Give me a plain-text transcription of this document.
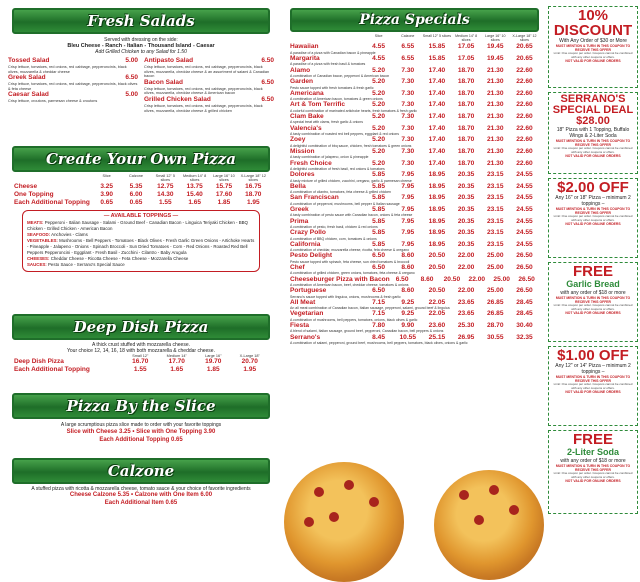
Fresh Salads
Served with dressing on the side:
Bleu Cheese - Ranch - Italian - Thousand Island - Caesar
Add Grilled Chicken to any Salad for 1.50
Tossed Salad	5.00
Crisp lettuce, tomatoes, red onions, red cabbage, pepperoncinis, black olives, mozzarella & cheddar cheese
Greek Salad	6.50
Crisp lettuce, tomatoes, red onions, red cabbage, pepperoncinis, black olives & feta cheese
Caesar Salad	5.00
Crisp lettuce, croutons, parmesan cheese & croutons
Antipasto Salad	6.50
Crisp lettuce, tomatoes, red onions, red cabbage, pepperoncinis, black olives, mozzarella, cheddar cheese & an assortment of salami & Canadian bacon
Bacon Salad	6.50
Crisp lettuce, tomatoes, red onions, red cabbage, pepperoncinis, black olives, mozzarella, cheddar cheese & American bacon
Grilled Chicken Salad	6.50
Crisp lettuce, tomatoes, red onions, red cabbage, pepperoncinis, black olives, mozzarella, cheddar cheese & grilled chicken
Create Your Own Pizza
Slice	Calzone	Small 12" 5 slices
Medium 14" 8 slices
Large 16" 10 slices
X-Large 18" 12 slices
Cheese	3.25	5.35	12.75	13.75	15.75	16.75
One Topping	3.90	6.00	14.30	15.40	17.60	18.70
Each Additional Topping	0.65	0.65	1.55	1.65	1.85	1.95
— AVAILABLE TOPPINGS —
MEATS: Pepperoni - Italian Sausage - Salami - Ground Beef - Canadian Bacon - Linguica Teriyaki Chicken - BBQ Chicken - Grilled Chicken - American Bacon
SEAFOOD: Anchovies - Clams
VEGETABLES: Mushrooms - Bell Peppers - Tomatoes - Black Olives - Fresh Garlic Green Onions - Artichoke Hearts - Pineapple - Jalapeno - Onions - Spinach Broccoli - Sun Dried Tomatoes - Corn - Red Onions - Roasted Red Bell Peppers Pepperoncini - Eggplant - Fresh Basil - Zucchini - Cilantro - Baby Arugula
CHEESES: Cheddar Cheese - Ricotta Cheese - Feta Cheese - Mozzarella Cheese
SAUCES: Pesto Sauce - Serrano's Special Sauce
Deep Dish Pizza
A thick crust stuffed with mozzarella cheese.
Your choice 12, 14, 16, 18 with both mozzarella & cheddar cheese.
Small 12"	Medium 14"	Large 16"	X-Large 18"
Deep Dish Pizza	16.70	17.70	19.70	20.70
Each Additional Topping	1.55	1.65	1.85	1.95
Pizza By the Slice
A large scrumptious pizza slice made to order with your favorite toppings
Slice with Cheese 3.25 • Slice with One Topping 3.90
Each Additional Topping 0.65
Calzone
A stuffed pizza with ricotta & mozzarella cheese, tomato sauce & your choice of favorite ingredients
Cheese Calzone 5.35 • Calzone with One Item 6.00
Each Additional Item 0.65
Pizza Specials
Slice	Calzone	Small 12" 5 slices	Medium 14" 8 slices
Large 16" 10 slices
X-Large 18" 12 slices
Hawaiian	4.55	6.55	15.85	17.05	19.45	20.65
A paradise of a pizza with Canadian bacon & pineapple
Margarita	4.55	6.55	15.85	17.05	19.45	20.65
A paradise of a pizza with fresh basil & tomatoes
Alamo	5.20	7.30	17.40	18.70	21.30	22.60
A combination of Canadian bacon, pepperoni & American bacon
Garden	5.20	7.30	17.40	18.70	21.30	22.60
Pesto sauce topped with fresh tomatoes & fresh garlic
Americana	5.20	7.30	17.40	18.70	21.30	22.60
A combination of American bacon, tomatoes & green onions
Art & Tom Terrific	5.20	7.30	17.40	18.70	21.30	22.60
A colorful combination of marinated artichoke hearts, fresh tomatoes & fresh garlic
Clam Bake	5.20	7.30	17.40	18.70	21.30	22.60
A special treat with clams, fresh garlic & onions
Valencia's	5.20	7.30	17.40	18.70	21.30	22.60
A tasty combination of roasted red bell peppers, eggplant & red onions
Zoey	5.20	7.30	17.40	18.70	21.30	22.60
A delightful combination of bbq sauce, chicken, fresh tomatoes & green onions
Mission	5.20	7.30	17.40	18.70	21.30	22.60
A tasty combination of jalapeno, onion & pineapple
Fresh Choice	5.20	7.30	17.40	18.70	21.30	22.60
A delightful combination of fresh basil, red onions & tomatoes
Dolores	5.85	7.95	18.95	20.35	23.15	24.55
A tasty mixture of grilled chicken, zucchini, oregano, garlic & parmesan cheese
Bella	5.85	7.95	18.95	20.35	23.15	24.55
A combination of cilantro, tomatoes, feta cheese & grilled chicken
San Franciscan	5.85	7.95	18.95	20.35	23.15	24.55
A combination of pepperoni, mushrooms, bell pepper & Italian sausage
Greek	5.85	7.95	18.95	20.35	23.15	24.55
A tasty combination of pesto sauce with Canadian bacon, onions & feta cheese
Prima	5.85	7.95	18.95	20.35	23.15	24.55
A combination of pesto, fresh basil, chicken & red onions
Crazy Pollo	5.85	7.95	18.95	20.35	23.15	24.55
A combination of BBQ chicken, corn, tomatoes & onions
California	5.85	7.95	18.95	20.35	23.15	24.55
A combination of cheddar, mozzarella cheese, ricotta, feta cheese & oregano
Pesto Delight	6.50	8.60	20.50	22.00	25.00	26.50
Pesto sauce topped with spinach, feta cheese, sun dried tomatoes & broccoli
Chef	6.50	8.60	20.50	22.00	25.00	26.50
A combination of grilled chicken, green onions, tomatoes, feta cheese & oregano
Cheeseburger Pizza with Bacon 6.50	8.60	20.50	22.00	25.00	26.50
A combination of American bacon, beef, cheddar cheese, tomatoes & onions
Portuguese	6.50	8.60	20.50	22.00	25.00	26.50
Serrano's sauce topped with linguica, onions, mushrooms & fresh garlic
All Meat	7.15	9.25	22.05	23.65	26.85	28.45
An all meat combination of Canadian bacon, Italian sausage, pepperoni, salami, ground beef & linguica
Vegetarian	7.15	9.25	22.05	23.65	26.85	28.45
A combination of mushrooms, bell peppers, tomatoes, onions, black olives & garlic
Fiesta	7.80	9.90	23.60	25.30	28.70	30.40
A blend of salami, Italian sausage, ground beef, pepperoni, Canadian bacon, bell peppers & onions
Serrano's	8.45	10.55	25.15	26.95	30.55	32.35
A combination of salami, pepperoni, ground beef, mushrooms, bell peppers, tomatoes, black olives, onions & garlic
10% DISCOUNT
With Any Order of $30 or More
MUST MENTION & TURN IN THIS COUPON TO RECEIVE THIS OFFER
Limit: One coupon per order. Coupons cannot be combined with any other coupons or offers.
NOT VALID FOR ONLINE ORDERS
SERRANO'S SPECIAL DEAL $28.00
18" Pizza with 1 Topping, Buffalo Wings & 2-Liter Soda
MUST MENTION & TURN IN THIS COUPON TO RECEIVE THIS OFFER
Limit: One coupon per order. Coupons cannot be combined with any other coupons or offers.
NOT VALID FOR ONLINE ORDERS
$2.00 OFF
Any 16" or 18" Pizza – minimum 2 toppings –
MUST MENTION & TURN IN THIS COUPON TO RECEIVE THIS OFFER
Limit: One coupon per order. Coupons cannot be combined with any other coupons or offers.
NOT VALID FOR ONLINE ORDERS
FREE
Garlic Bread
with any order of $18 or more
MUST MENTION & TURN IN THIS COUPON TO RECEIVE THIS OFFER
Limit: One coupon per order. Coupons cannot be combined with any other coupons or offers.
NOT VALID FOR ONLINE ORDERS
$1.00 OFF
Any 12" or 14" Pizza – minimum 2 toppings –
MUST MENTION & TURN IN THIS COUPON TO RECEIVE THIS OFFER
Limit: One coupon per order. Coupons cannot be combined with any other coupons or offers.
NOT VALID FOR ONLINE ORDERS
FREE
2-Liter Soda
with any order of $18 or more
MUST MENTION & TURN IN THIS COUPON TO RECEIVE THIS OFFER
Limit: One coupon per order. Coupons cannot be combined with any other coupons or offers.
NOT VALID FOR ONLINE ORDERS
